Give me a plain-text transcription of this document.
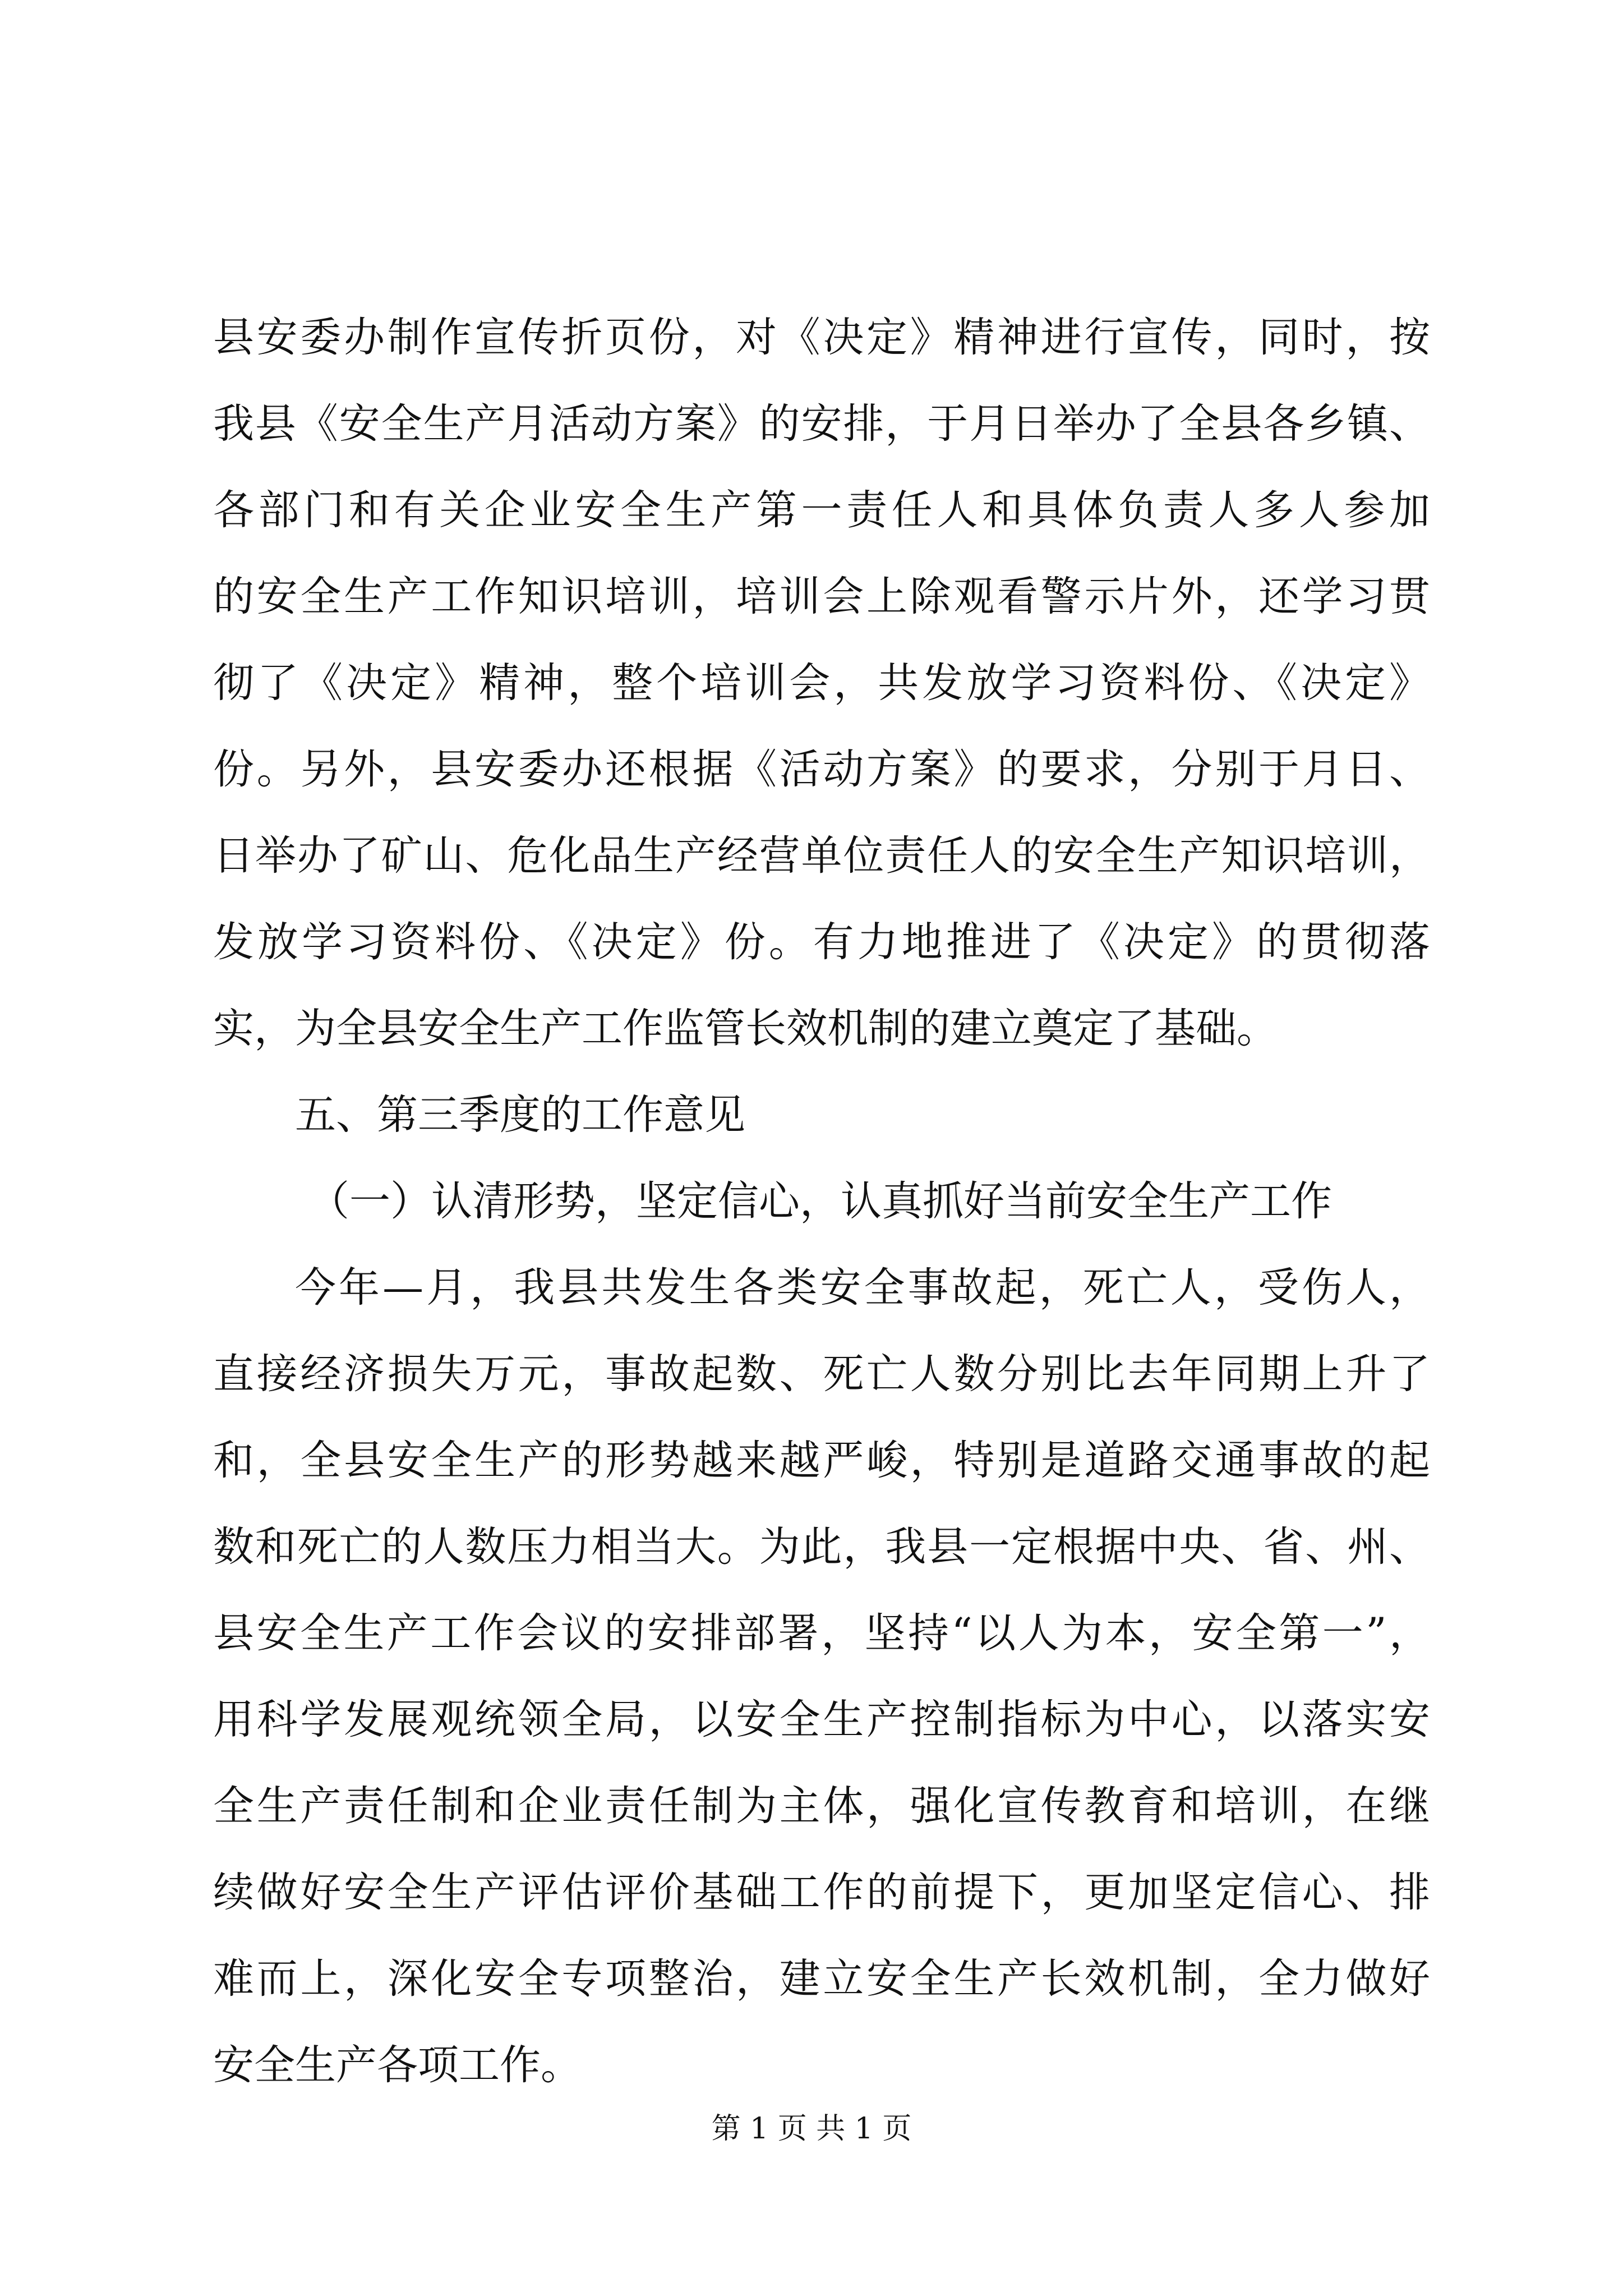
县安委办制作宣传折页份，对《决定》精神进行宣传，同时，按
我县《安全生产月活动方案》的安排，于月日举办了全县各乡镇、
各部门和有关企业安全生产第一责任人和具体负责人多人参加
的安全生产工作知识培训，培训会上除观看警示片外，还学习贯
彻了《决定》精神，整个培训会，共发放学习资料份、《决定》
份。另外，县安委办还根据《活动方案》的要求，分别于月日、
日举办了矿山、危化品生产经营单位责任人的安全生产知识培训，
发放学习资料份、《决定》份。有力地推进了《决定》的贯彻落
实，为全县安全生产工作监管长效机制的建立奠定了基础。
五、第三季度的工作意见
（一）认清形势，坚定信心，认真抓好当前安全生产工作
今年—月，我县共发生各类安全事故起，死亡人，受伤人，
直接经济损失万元，事故起数、死亡人数分别比去年同期上升了
和，全县安全生产的形势越来越严峻，特别是道路交通事故的起
数和死亡的人数压力相当大。为此，我县一定根据中央、省、州、
县安全生产工作会议的安排部署，坚持“以人为本，安全第一”，
用科学发展观统领全局，以安全生产控制指标为中心，以落实安
全生产责任制和企业责任制为主体，强化宣传教育和培训，在继
续做好安全生产评估评价基础工作的前提下，更加坚定信心、排
难而上，深化安全专项整治，建立安全生产长效机制，全力做好
安全生产各项工作。
第 1 页 共 1 页
